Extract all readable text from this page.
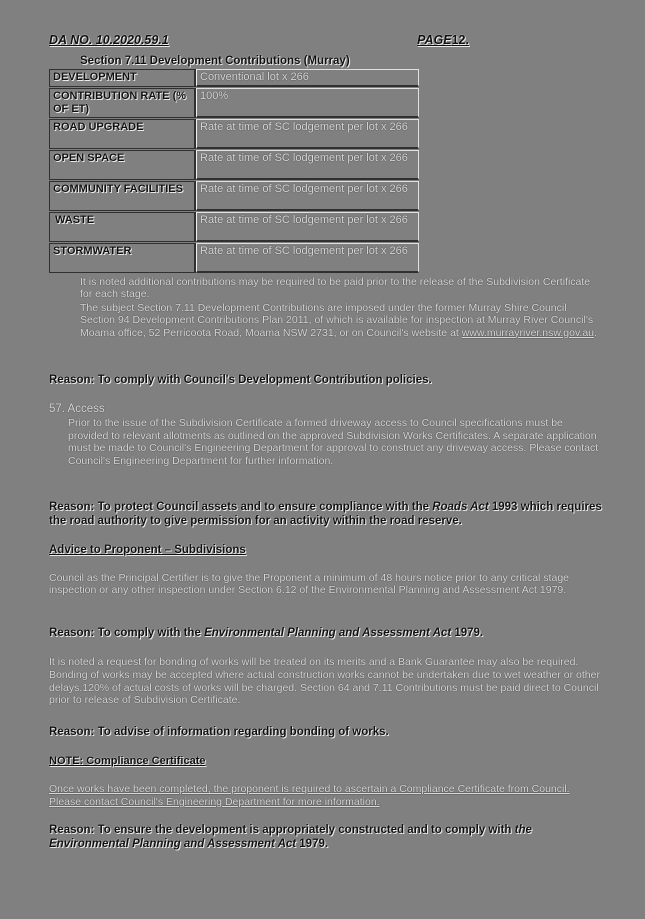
DA NO. 10.2020.59.1	PAGE12.
Section 7.11 Development Contributions (Murray)
DEVELOPMENT	Conventional lot x 266
CONTRIBUTION RATE (% OF ET)	100%
ROAD UPGRADE	Rate at time of SC lodgement per lot x 266
OPEN SPACE	Rate at time of SC lodgement per lot x 266
COMMUNITY FACILITIES	Rate at time of SC lodgement per lot x 266
WASTE	Rate at time of SC lodgement per lot x 266
STORMWATER	Rate at time of SC lodgement per lot x 266
It is noted additional contributions may be required to be paid prior to the release of the Subdivision Certificate for each stage.
The subject Section 7.11 Development Contributions are imposed under the former Murray Shire Council Section 94 Development Contributions Plan 2011, of which is available for inspection at Murray River Council's Moama office, 52 Perricoota Road, Moama NSW 2731, or on Council's website at www.murrayriver.nsw.gov.au.
Reason: To comply with Council's Development Contribution policies.
57. Access
Prior to the issue of the Subdivision Certificate a formed driveway access to Council specifications must be provided to relevant allotments as outlined on the approved Subdivision Works Certificates. A separate application must be made to Council's Engineering Department for approval to construct any driveway access. Please contact Council's Engineering Department for further information.
Reason: To protect Council assets and to ensure compliance with the Roads Act 1993 which requires the road authority to give permission for an activity within the road reserve.
Advice to Proponent – Subdivisions
Council as the Principal Certifier is to give the Proponent a minimum of 48 hours notice prior to any critical stage inspection or any other inspection under Section 6.12 of the Environmental Planning and Assessment Act 1979.
Reason: To comply with the Environmental Planning and Assessment Act 1979.
It is noted a request for bonding of works will be treated on its merits and a Bank Guarantee may also be required. Bonding of works may be accepted where actual construction works cannot be undertaken due to wet weather or other delays.120% of actual costs of works will be charged. Section 64 and 7.11 Contributions must be paid direct to Council prior to release of Subdivision Certificate.
Reason: To advise of information regarding bonding of works.
NOTE: Compliance Certificate
Once works have been completed, the proponent is required to ascertain a Compliance Certificate from Council. Please contact Council's Engineering Department for more information.
Reason: To ensure the development is appropriately constructed and to comply with the Environmental Planning and Assessment Act 1979.
